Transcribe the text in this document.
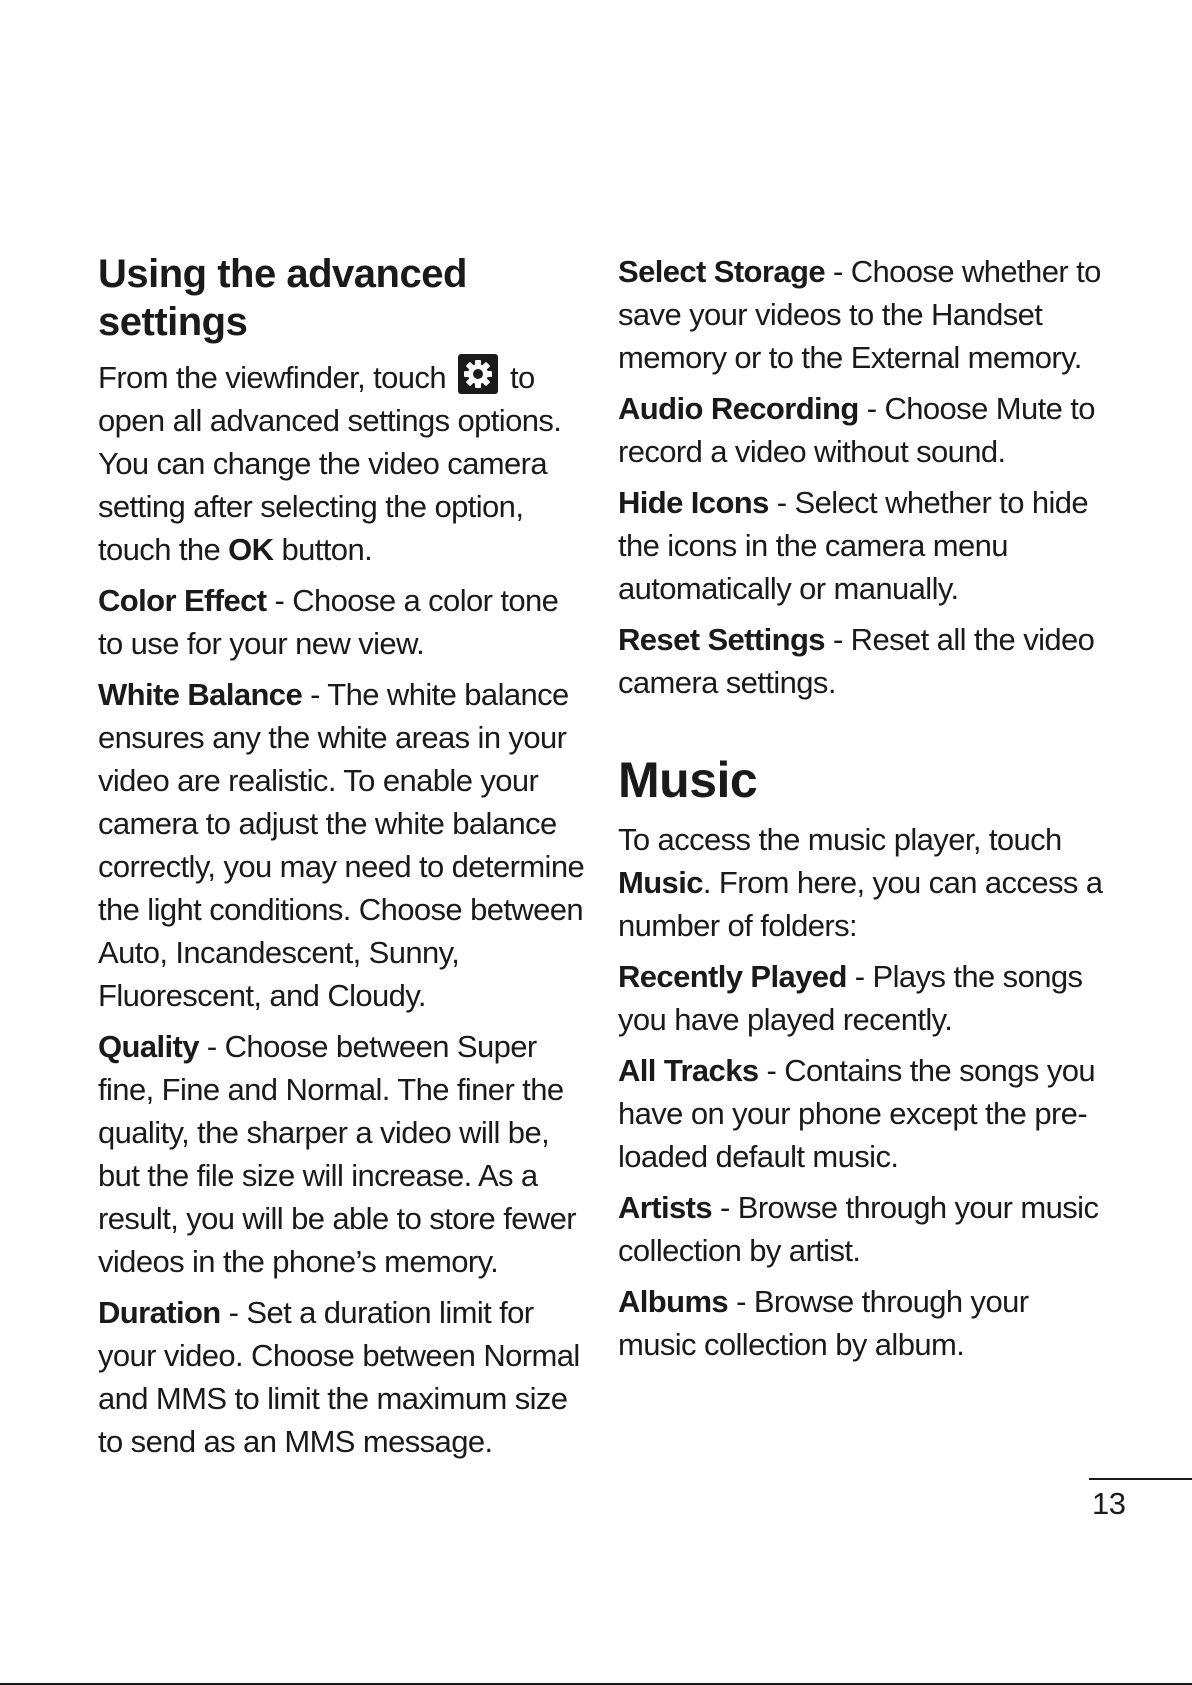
Using the advanced settings

From the viewfinder, touch to open all advanced settings options. You can change the video camera setting after selecting the option, touch the OK button.

Color Effect - Choose a color tone to use for your new view.

White Balance - The white balance ensures any the white areas in your video are realistic. To enable your camera to adjust the white balance correctly, you may need to determine the light conditions. Choose between Auto, Incandescent, Sunny, Fluorescent, and Cloudy.

Quality - Choose between Super fine, Fine and Normal. The finer the quality, the sharper a video will be, but the file size will increase. As a result, you will be able to store fewer videos in the phone’s memory.

Duration - Set a duration limit for your video. Choose between Normal and MMS to limit the maximum size to send as an MMS message.

Select Storage - Choose whether to save your videos to the Handset memory or to the External memory.

Audio Recording - Choose Mute to record a video without sound.

Hide Icons - Select whether to hide the icons in the camera menu automatically or manually.

Reset Settings - Reset all the video camera settings.

Music

To access the music player, touch Music. From here, you can access a number of folders:

Recently Played - Plays the songs you have played recently.

All Tracks - Contains the songs you have on your phone except the pre-loaded default music.

Artists - Browse through your music collection by artist.

Albums - Browse through your music collection by album.

13
